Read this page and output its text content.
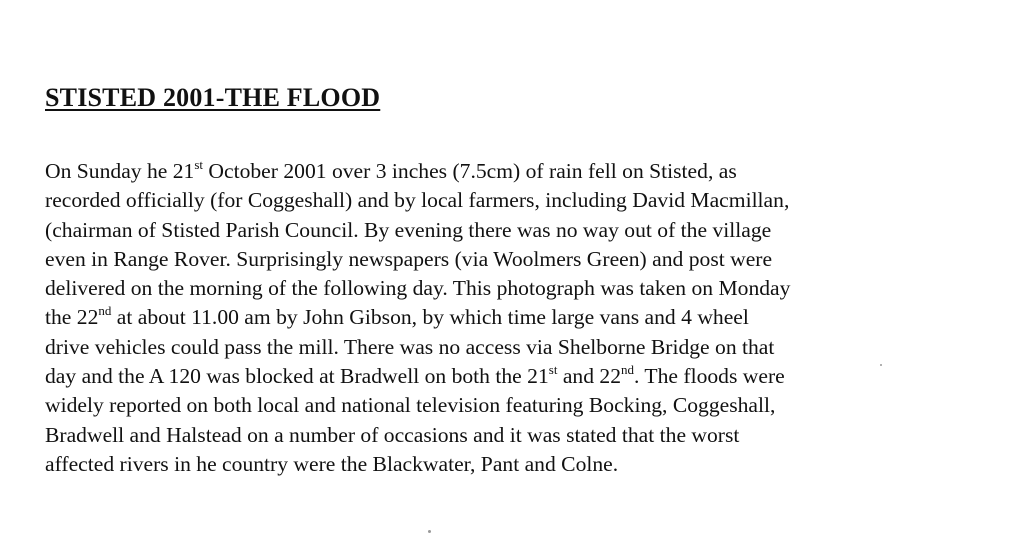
STISTED 2001-THE FLOOD
On Sunday he 21st October 2001 over 3 inches (7.5cm) of rain fell on Stisted, as
recorded officially (for Coggeshall) and by local farmers, including David Macmillan,
(chairman of Stisted Parish Council. By evening there was no way out of the village
even in Range Rover. Surprisingly newspapers (via Woolmers Green) and post were
delivered on the morning of the following day. This photograph was taken on Monday
the 22nd at about 11.00 am by John Gibson, by which time large vans and 4 wheel
drive vehicles could pass the mill. There was no access via Shelborne Bridge on that
day and the A 120 was blocked at Bradwell on both the 21st and 22nd. The floods were
widely reported on both local and national television featuring Bocking, Coggeshall,
Bradwell and Halstead on a number of occasions and it was stated that the worst
affected rivers in he country were the Blackwater, Pant and Colne.
